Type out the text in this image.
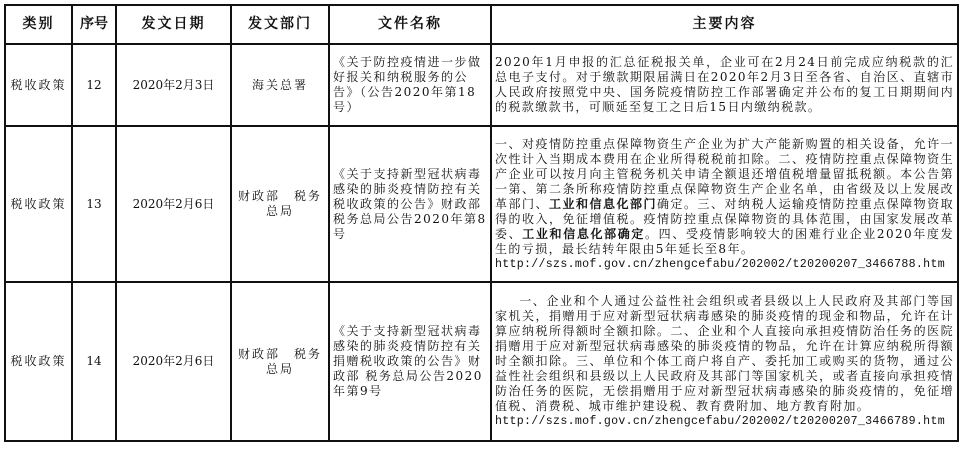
类别	序号	发文日期	发文部门	文件名称	主要内容
税收政策	12	2020年2月3日	海关总署	《关于防控疫情进一步做好报关和纳税服务的公告》（公告2020年第18号）	2020年1月申报的汇总征税报关单，企业可在2月24日前完成应纳税款的汇总电子支付。对于缴款期限届满日在2020年2月3日至各省、自治区、直辖市人民政府按照党中央、国务院疫情防控工作部署确定并公布的复工日期期间内的税款缴款书，可顺延至复工之日后15日内缴纳税款。
税收政策	13	2020年2月6日	财政部　税务总局	《关于支持新型冠状病毒感染的肺炎疫情防控有关税收政策的公告》财政部 税务总局公告2020年第8号	一、对疫情防控重点保障物资生产企业为扩大产能新购置的相关设备，允许一次性计入当期成本费用在企业所得税税前扣除。二、疫情防控重点保障物资生产企业可以按月向主管税务机关申请全额退还增值税增量留抵税额。本公告第一第、第二条所称疫情防控重点保障物资生产企业名单，由省级及以上发展改革部门、工业和信息化部门确定。三、对纳税人运输疫情防控重点保障物资取得的收入，免征增值税。疫情防控重点保障物资的具体范围，由国家发展改革委、工业和信息化部确定。四、受疫情影响较大的困难行业企业2020年度发生的亏损，最长结转年限由5年延长至8年。
http://szs.mof.gov.cn/zhengcefabu/202002/t20200207_3466788.htm

税收政策	14	2020年2月6日	财政部　税务总局	《关于支持新型冠状病毒感染的肺炎疫情防控有关捐赠税收政策的公告》财政部 税务总局公告2020年第9号	一、企业和个人通过公益性社会组织或者县级以上人民政府及其部门等国家机关，捐赠用于应对新型冠状病毒感染的肺炎疫情的现金和物品，允许在计算应纳税所得额时全额扣除。二、企业和个人直接向承担疫情防治任务的医院捐赠用于应对新型冠状病毒感染的肺炎疫情的物品，允许在计算应纳税所得额时全额扣除。三、单位和个体工商户将自产、委托加工或购买的货物，通过公益性社会组织和县级以上人民政府及其部门等国家机关，或者直接向承担疫情防治任务的医院，无偿捐赠用于应对新型冠状病毒感染的肺炎疫情的，免征增值税、消费税、城市维护建设税、教育费附加、地方教育附加。
http://szs.mof.gov.cn/zhengcefabu/202002/t20200207_3466789.htm
